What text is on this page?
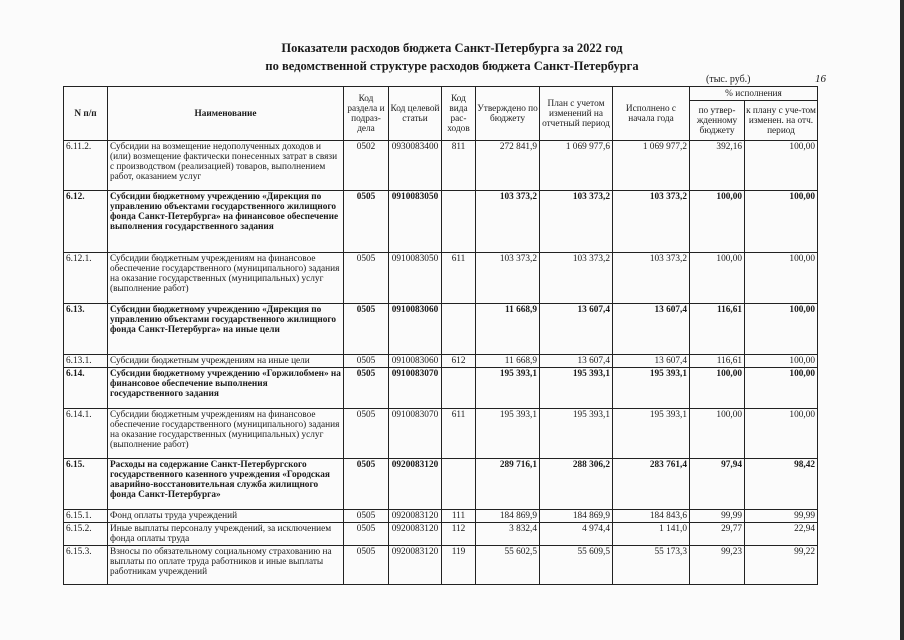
Показатели расходов бюджета Санкт-Петербурга за 2022 год
по ведомственной структуре расходов бюджета Санкт-Петербурга
(тыс. руб.)	16
N п/п	Наименование	Код раздела и подраз-дела	Код целевой статьи	Код вида рас-ходов	Утверждено по бюджету	План с учетом изменений на отчетный период	Исполнено с начала года	% исполнения	
								по утвер-жденному бюджету	к плану с уче-том изменен. на отч. период
6.11.2.	Субсидии на возмещение недополученных доходов и (или) возмещение фактически понесенных затрат в связи с производством (реализацией) товаров, выполнением работ, оказанием услуг	0502	0930083400	811	272 841,9	1 069 977,6	1 069 977,2	392,16	100,00
6.12.	Субсидии бюджетному учреждению «Дирекция по управлению объектами государственного жилищного фонда Санкт-Петербурга» на финансовое обеспечение выполнения государственного задания	0505	0910083050		103 373,2	103 373,2	103 373,2	100,00	100,00
6.12.1.	Субсидии бюджетным учреждениям на финансовое обеспечение государственного (муниципального) задания на оказание государственных (муниципальных) услуг (выполнение работ)	0505	0910083050	611	103 373,2	103 373,2	103 373,2	100,00	100,00
6.13.	Субсидии бюджетному учреждению «Дирекция по управлению объектами государственного жилищного фонда Санкт-Петербурга» на иные цели	0505	0910083060		11 668,9	13 607,4	13 607,4	116,61	100,00
6.13.1.	Субсидии бюджетным учреждениям на иные цели	0505	0910083060	612	11 668,9	13 607,4	13 607,4	116,61	100,00
6.14.	Субсидии бюджетному учреждению «Горжилобмен» на финансовое обеспечение выполнения государственного задания	0505	0910083070		195 393,1	195 393,1	195 393,1	100,00	100,00
6.14.1.	Субсидии бюджетным учреждениям на финансовое обеспечение государственного (муниципального) задания на оказание государственных (муниципальных) услуг (выполнение работ)	0505	0910083070	611	195 393,1	195 393,1	195 393,1	100,00	100,00
6.15.	Расходы на содержание Санкт-Петербургского государственного казенного учреждения «Городская аварийно-восстановительная служба жилищного фонда Санкт-Петербурга»	0505	0920083120		289 716,1	288 306,2	283 761,4	97,94	98,42
6.15.1.	Фонд оплаты труда учреждений	0505	0920083120	111	184 869,9	184 869,9	184 843,6	99,99	99,99
6.15.2.	Иные выплаты персоналу учреждений, за исключением фонда оплаты труда	0505	0920083120	112	3 832,4	4 974,4	1 141,0	29,77	22,94
6.15.3.	Взносы по обязательному социальному страхованию на выплаты по оплате труда работников и иные выплаты работникам учреждений	0505	0920083120	119	55 602,5	55 609,5	55 173,3	99,23	99,22
